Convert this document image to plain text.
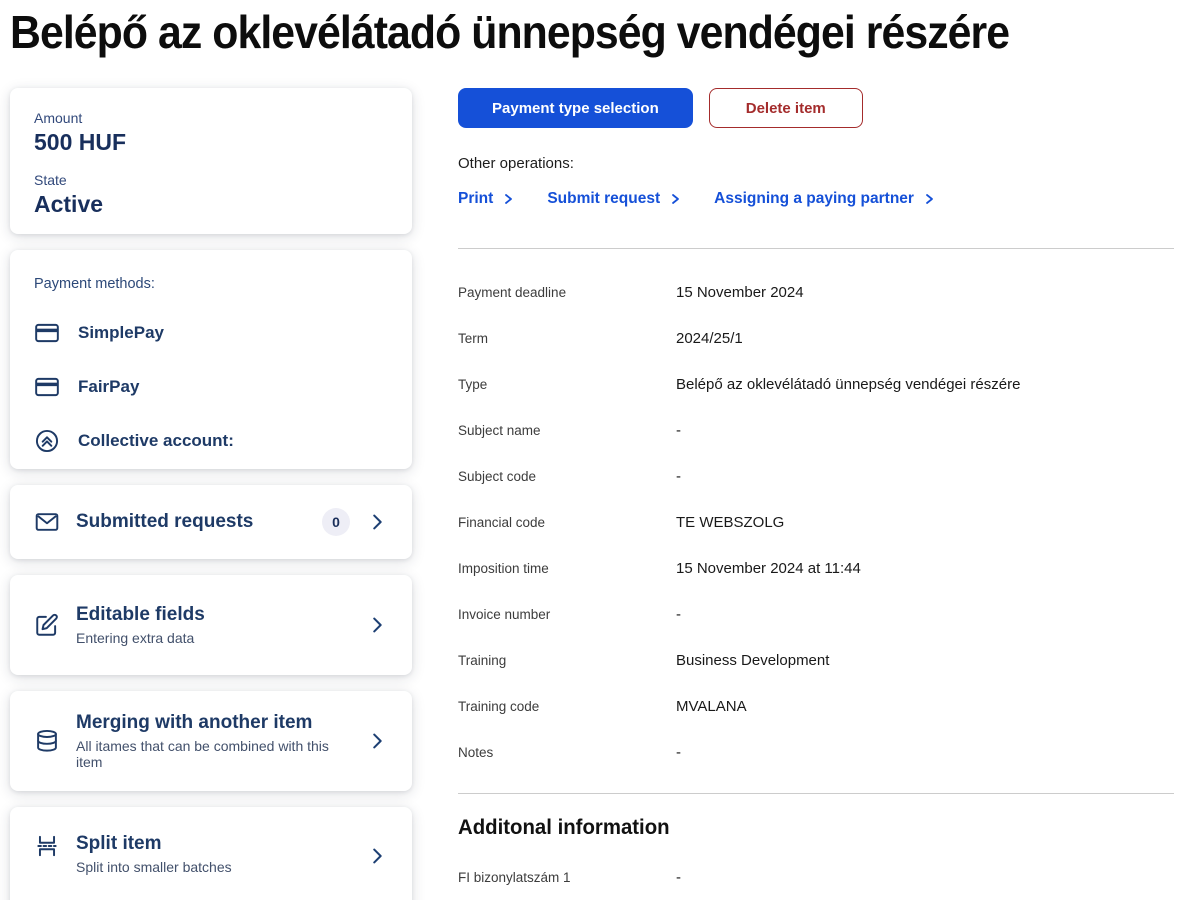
Belépő az oklevélátadó ünnepség vendégei részére
Amount
500 HUF
State
Active
Payment methods:
SimplePay
FairPay
Collective account:
Submitted requests	0
Editable fields
Entering extra data
Merging with another item
All itames that can be combined with this item
Split item
Split into smaller batches
Payment type selection	Delete item
Other operations:
Print	Submit request	Assigning a paying partner
Payment deadline	15 November 2024
Term	2024/25/1
Type	Belépő az oklevélátadó ünnepség vendégei részére
Subject name	-
Subject code	-
Financial code	TE WEBSZOLG
Imposition time	15 November 2024 at 11:44
Invoice number	-
Training	Business Development
Training code	MVALANA
Notes	-
Additonal information
FI bizonylatszám 1	-
